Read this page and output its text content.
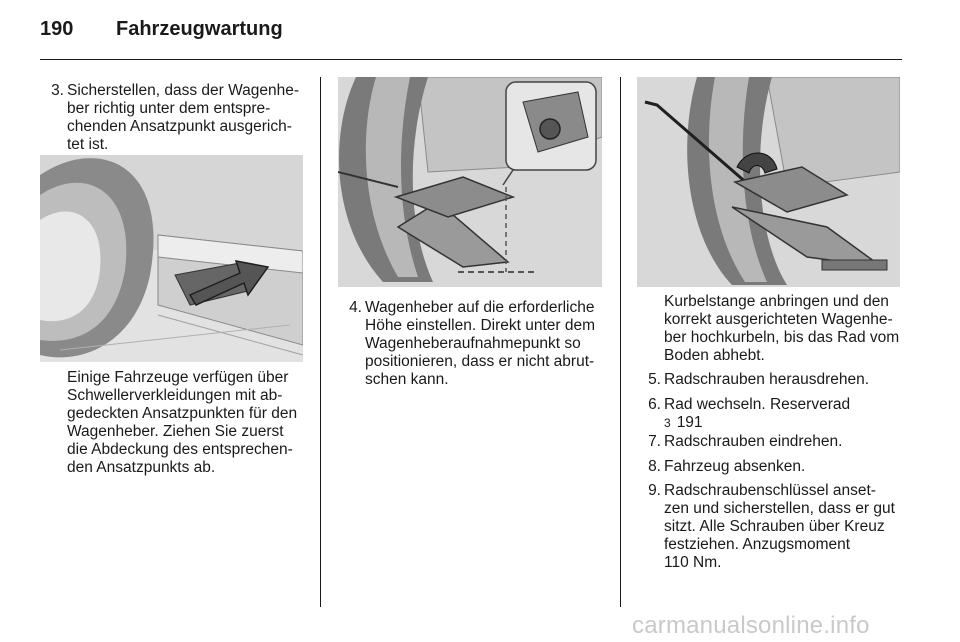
190	Fahrzeugwartung
3. Sicherstellen, dass der Wagenhe-
ber richtig unter dem entspre-
chenden Ansatzpunkt ausgerich-
tet ist.
Einige Fahrzeuge verfügen über
Schwellerverkleidungen mit ab-
gedeckten Ansatzpunkten für den
Wagenheber. Ziehen Sie zuerst
die Abdeckung des entsprechen-
den Ansatzpunkts ab.
4. Wagenheber auf die erforderliche
Höhe einstellen. Direkt unter dem
Wagenheberaufnahmepunkt so
positionieren, dass er nicht abrut-
schen kann.
Kurbelstange anbringen und den
korrekt ausgerichteten Wagenhe-
ber hochkurbeln, bis das Rad vom
Boden abhebt.
5. Radschrauben herausdrehen.
6. Rad wechseln. Reserverad
3 191
7. Radschrauben eindrehen.
8. Fahrzeug absenken.
9. Radschraubenschlüssel anset-
zen und sicherstellen, dass er gut
sitzt. Alle Schrauben über Kreuz
festziehen. Anzugsmoment
110 Nm.
carmanualsonline.info
